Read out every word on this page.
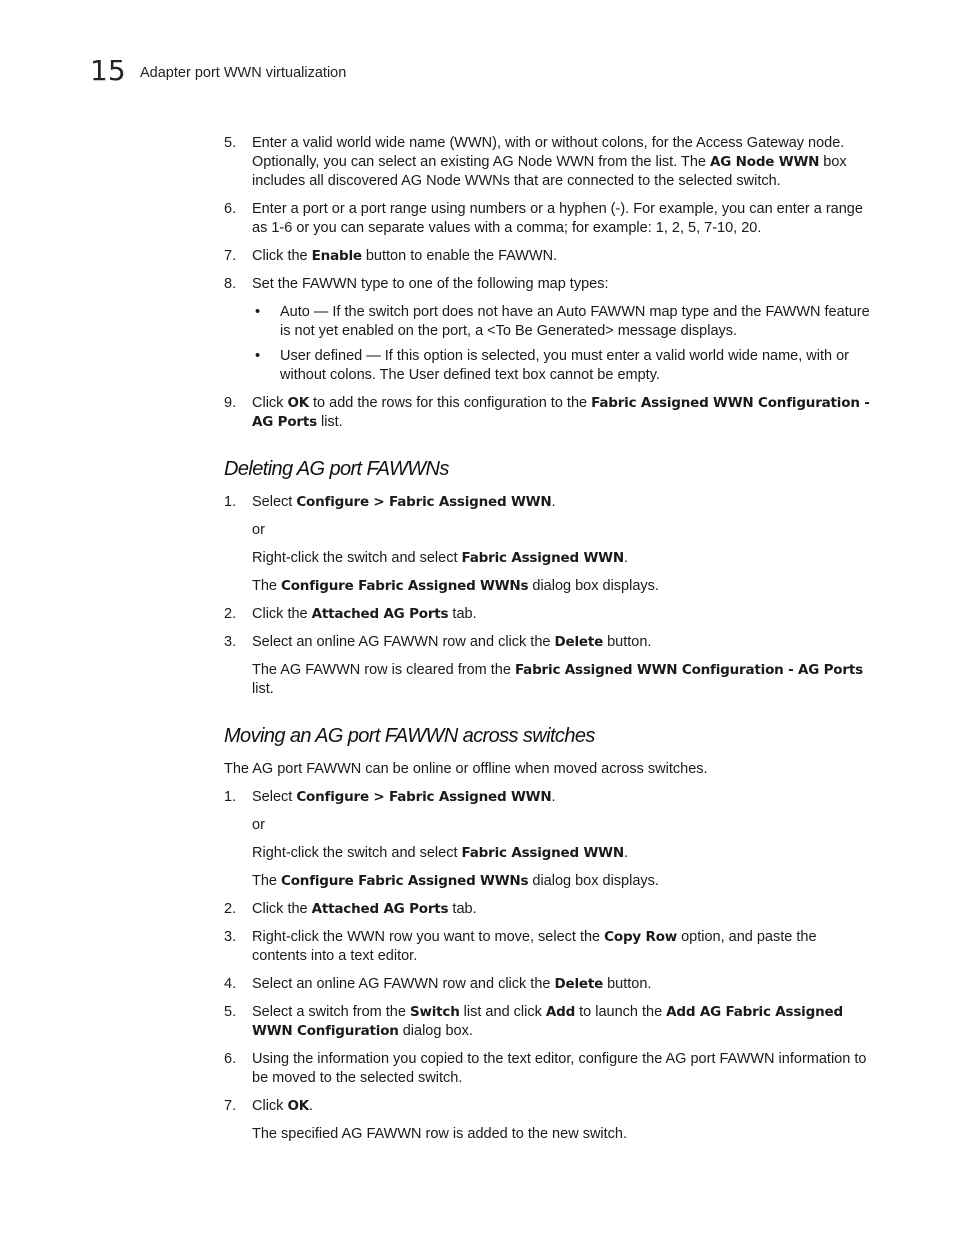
15 Adapter port WWN virtualization
5. Enter a valid world wide name (WWN), with or without colons, for the Access Gateway node. Optionally, you can select an existing AG Node WWN from the list. The AG Node WWN box includes all discovered AG Node WWNs that are connected to the selected switch.
6. Enter a port or a port range using numbers or a hyphen (-). For example, you can enter a range as 1-6 or you can separate values with a comma; for example: 1, 2, 5, 7-10, 20.
7. Click the Enable button to enable the FAWWN.
8. Set the FAWWN type to one of the following map types:
• Auto — If the switch port does not have an Auto FAWWN map type and the FAWWN feature is not yet enabled on the port, a <To Be Generated> message displays.
• User defined — If this option is selected, you must enter a valid world wide name, with or without colons. The User defined text box cannot be empty.
9. Click OK to add the rows for this configuration to the Fabric Assigned WWN Configuration - AG Ports list.
Deleting AG port FAWWNs
1. Select Configure > Fabric Assigned WWN.
or
Right-click the switch and select Fabric Assigned WWN.
The Configure Fabric Assigned WWNs dialog box displays.
2. Click the Attached AG Ports tab.
3. Select an online AG FAWWN row and click the Delete button.
The AG FAWWN row is cleared from the Fabric Assigned WWN Configuration - AG Ports list.
Moving an AG port FAWWN across switches
The AG port FAWWN can be online or offline when moved across switches.
1. Select Configure > Fabric Assigned WWN.
or
Right-click the switch and select Fabric Assigned WWN.
The Configure Fabric Assigned WWNs dialog box displays.
2. Click the Attached AG Ports tab.
3. Right-click the WWN row you want to move, select the Copy Row option, and paste the contents into a text editor.
4. Select an online AG FAWWN row and click the Delete button.
5. Select a switch from the Switch list and click Add to launch the Add AG Fabric Assigned WWN Configuration dialog box.
6. Using the information you copied to the text editor, configure the AG port FAWWN information to be moved to the selected switch.
7. Click OK.
The specified AG FAWWN row is added to the new switch.
